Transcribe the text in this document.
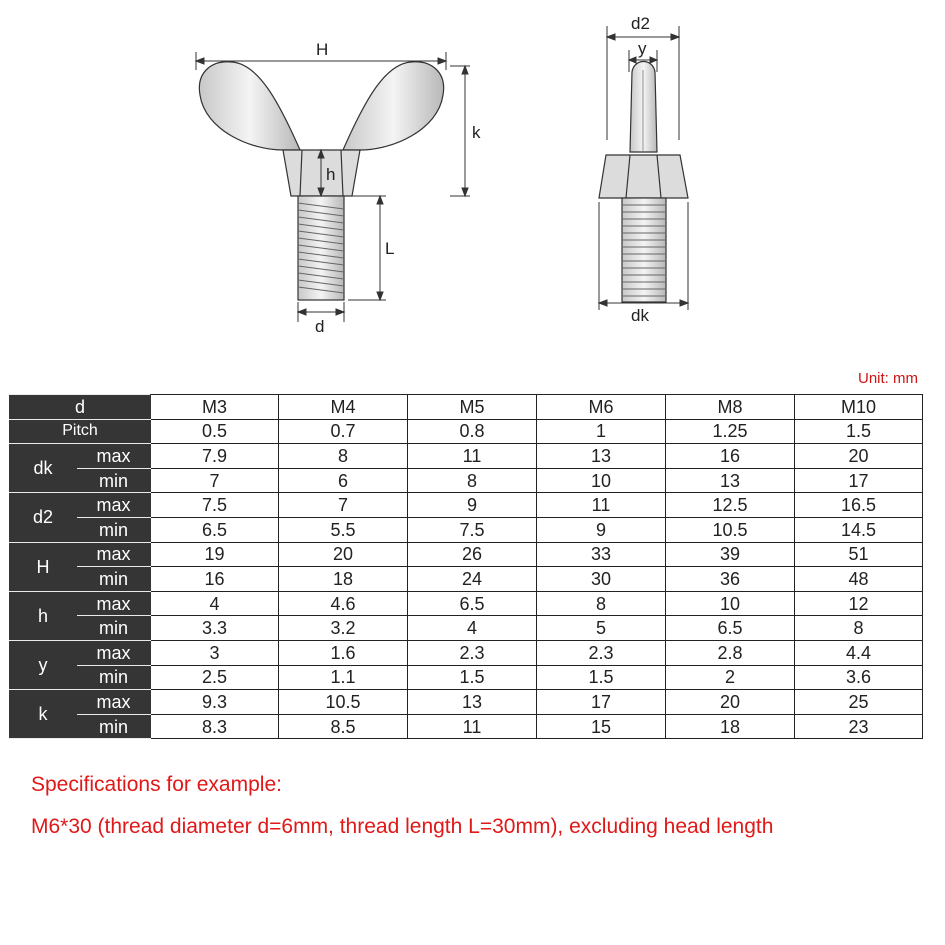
H
k
h
L
d
d2
y
dk
Unit: mm
d		M3	M4	M5	M6	M8	M10
Pitch		0.5	0.7	0.8	1	1.25	1.5
dk	max	7.9	8	11	13	16	20
	min	7	6	8	10	13	17
d2	max	7.5	7	9	11	12.5	16.5
	min	6.5	5.5	7.5	9	10.5	14.5
H	max	19	20	26	33	39	51
	min	16	18	24	30	36	48
h	max	4	4.6	6.5	8	10	12
	min	3.3	3.2	4	5	6.5	8
y	max	3	1.6	2.3	2.3	2.8	4.4
	min	2.5	1.1	1.5	1.5	2	3.6
k	max	9.3	10.5	13	17	20	25
	min	8.3	8.5	11	15	18	23
Specifications for example:
M6*30 (thread diameter d=6mm, thread length L=30mm), excluding head length
